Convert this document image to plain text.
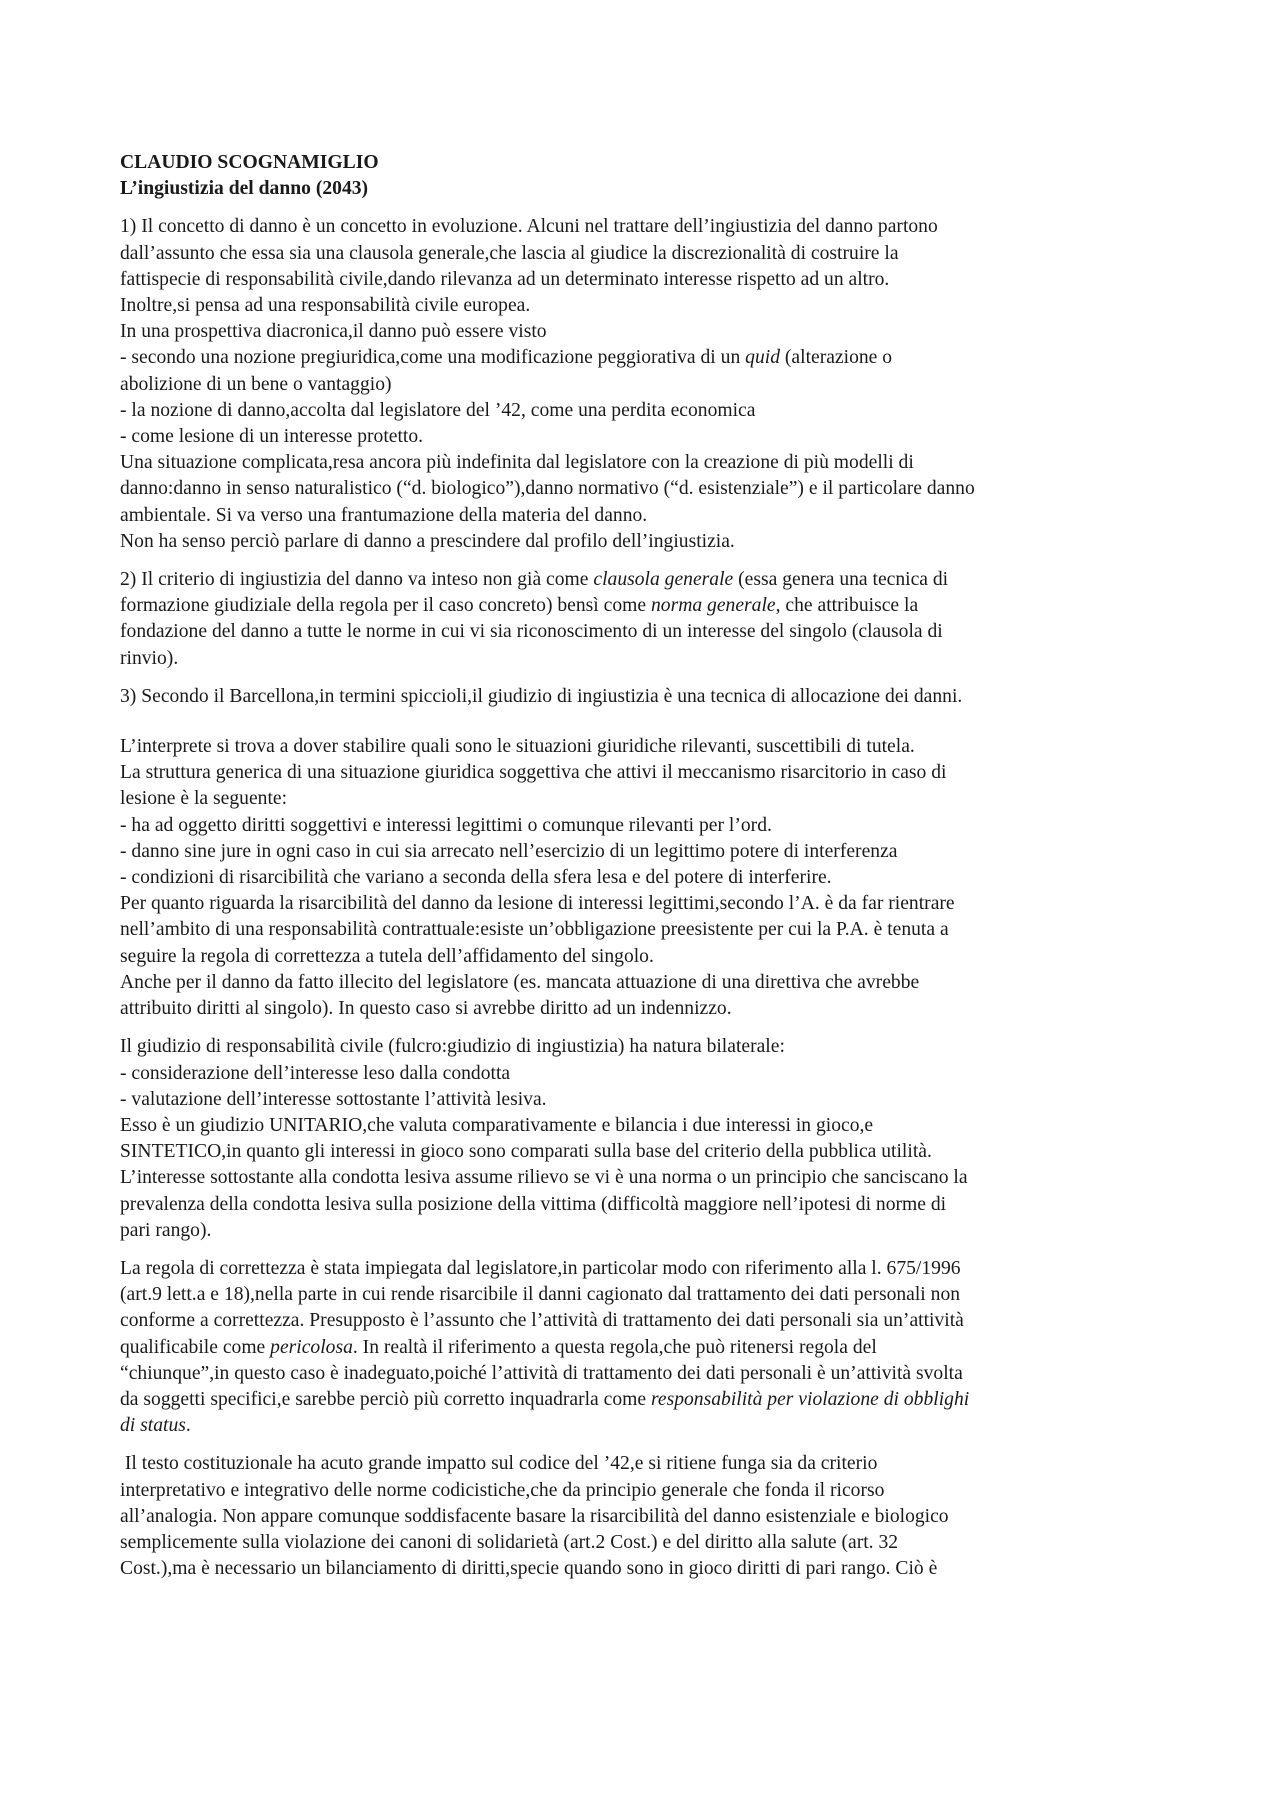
CLAUDIO SCOGNAMIGLIO

L’ingiustizia del danno (2043)

1) Il concetto di danno è un concetto in evoluzione. Alcuni nel trattare dell’ingiustizia del danno partono
dall’assunto che essa sia una clausola generale,che lascia al giudice la discrezionalità di costruire la
fattispecie di responsabilità civile,dando rilevanza ad un determinato interesse rispetto ad un altro.
Inoltre,si pensa ad una responsabilità civile europea.
In una prospettiva diacronica,il danno può essere visto
- secondo una nozione pregiuridica,come una modificazione peggiorativa di un quid (alterazione o
abolizione di un bene o vantaggio)
- la nozione di danno,accolta dal legislatore del ’42, come una perdita economica
- come lesione di un interesse protetto.
Una situazione complicata,resa ancora più indefinita dal legislatore con la creazione di più modelli di
danno:danno in senso naturalistico (“d. biologico”),danno normativo (“d. esistenziale”) e il particolare danno
ambientale. Si va verso una frantumazione della materia del danno.
Non ha senso perciò parlare di danno a prescindere dal profilo dell’ingiustizia.
2) Il criterio di ingiustizia del danno va inteso non già come clausola generale (essa genera una tecnica di
formazione giudiziale della regola per il caso concreto) bensì come norma generale, che attribuisce la
fondazione del danno a tutte le norme in cui vi sia riconoscimento di un interesse del singolo (clausola di
rinvio).
3) Secondo il Barcellona,in termini spiccioli,il giudizio di ingiustizia è una tecnica di allocazione dei danni.
L’interprete si trova a dover stabilire quali sono le situazioni giuridiche rilevanti, suscettibili di tutela.
La struttura generica di una situazione giuridica soggettiva che attivi il meccanismo risarcitorio in caso di
lesione è la seguente:
- ha ad oggetto diritti soggettivi e interessi legittimi o comunque rilevanti per l’ord.
- danno sine jure in ogni caso in cui sia arrecato nell’esercizio di un legittimo potere di interferenza
- condizioni di risarcibilità che variano a seconda della sfera lesa e del potere di interferire.
Per quanto riguarda la risarcibilità del danno da lesione di interessi legittimi,secondo l’A. è da far rientrare
nell’ambito di una responsabilità contrattuale:esiste un’obbligazione preesistente per cui la P.A. è tenuta a
seguire la regola di correttezza a tutela dell’affidamento del singolo.
Anche per il danno da fatto illecito del legislatore (es. mancata attuazione di una direttiva che avrebbe
attribuito diritti al singolo). In questo caso si avrebbe diritto ad un indennizzo.
Il giudizio di responsabilità civile (fulcro:giudizio di ingiustizia) ha natura bilaterale:
- considerazione dell’interesse leso dalla condotta
- valutazione dell’interesse sottostante l’attività lesiva.
Esso è un giudizio UNITARIO,che valuta comparativamente e bilancia i due interessi in gioco,e
SINTETICO,in quanto gli interessi in gioco sono comparati sulla base del criterio della pubblica utilità.
L’interesse sottostante alla condotta lesiva assume rilievo se vi è una norma o un principio che sanciscano la
prevalenza della condotta lesiva sulla posizione della vittima (difficoltà maggiore nell’ipotesi di norme di
pari rango).
La regola di correttezza è stata impiegata dal legislatore,in particolar modo con riferimento alla l. 675/1996
(art.9 lett.a e 18),nella parte in cui rende risarcibile il danni cagionato dal trattamento dei dati personali non
conforme a correttezza. Presupposto è l’assunto che l’attività di trattamento dei dati personali sia un’attività
qualificabile come pericolosa. In realtà il riferimento a questa regola,che può ritenersi regola del
“chiunque”,in questo caso è inadeguato,poiché l’attività di trattamento dei dati personali è un’attività svolta
da soggetti specifici,e sarebbe perciò più corretto inquadrarla come responsabilità per violazione di obblighi
di status.
Il testo costituzionale ha acuto grande impatto sul codice del ’42,e si ritiene funga sia da criterio
interpretativo e integrativo delle norme codicistiche,che da principio generale che fonda il ricorso
all’analogia. Non appare comunque soddisfacente basare la risarcibilità del danno esistenziale e biologico
semplicemente sulla violazione dei canoni di solidarietà (art.2 Cost.) e del diritto alla salute (art. 32
Cost.),ma è necessario un bilanciamento di diritti,specie quando sono in gioco diritti di pari rango. Ciò è
